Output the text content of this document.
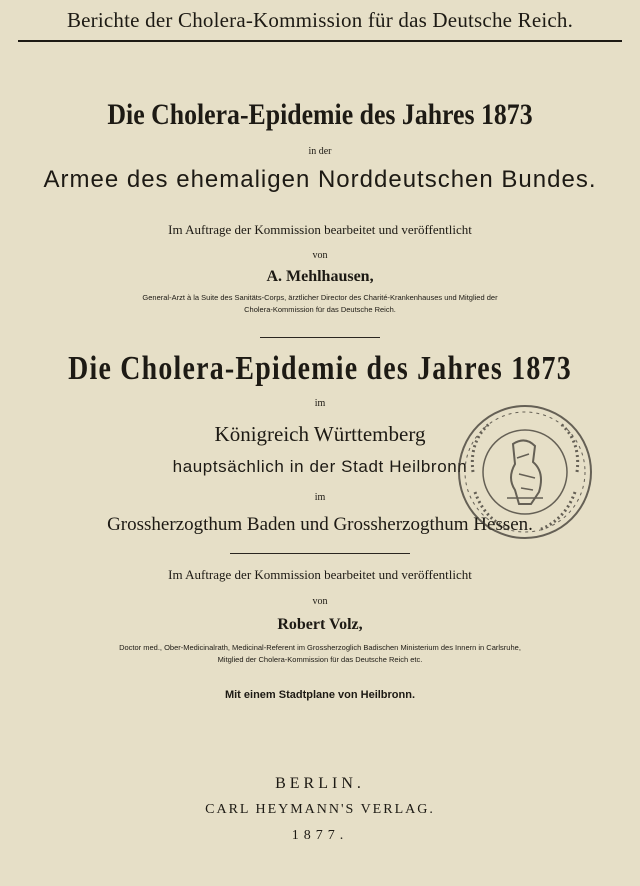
Berichte der Cholera-Kommission für das Deutsche Reich.
Die Cholera-Epidemie des Jahres 1873
in der
Armee des ehemaligen Norddeutschen Bundes.
Im Auftrage der Kommission bearbeitet und veröffentlicht
von
A. Mehlhausen,
General-Arzt à la Suite des Sanitäts-Corps, ärztlicher Director des Charité-Krankenhauses und Mitglied der
Cholera-Kommission für das Deutsche Reich.
Die Cholera-Epidemie des Jahres 1873
im
Königreich Württemberg
hauptsächlich in der Stadt Heilbronn
im
Grossherzogthum Baden und Grossherzogthum Hessen.
Im Auftrage der Kommission bearbeitet und veröffentlicht
von
Robert Volz,
Doctor med., Ober-Medicinalrath, Medicinal-Referent im Grossherzoglich Badischen Ministerium des Innern in Carlsruhe,
Mitglied der Cholera-Kommission für das Deutsche Reich etc.
Mit einem Stadtplane von Heilbronn.
BERLIN.
CARL HEYMANN'S VERLAG.
1877.
